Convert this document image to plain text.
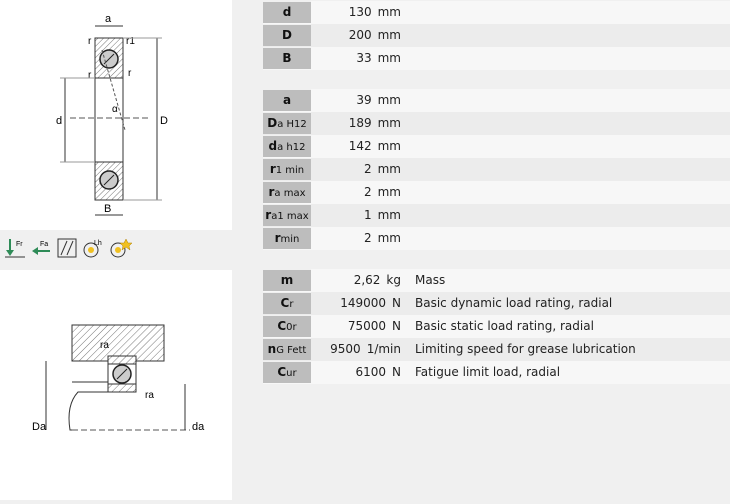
a
r	r1
r	r
α
d	D
B
Fr Fa	Lh
ra
ra
Da	da
d	130 mm
D	200 mm
B	33 mm
a	39 mm
Da H12	189 mm
da h12	142 mm
r1 min	2 mm
ra max	2 mm
ra1 max	1 mm
rmin	2 mm
m	2,62 kg Mass
Cr	149000 N Basic dynamic load rating, radial
C0r	75000 N Basic static load rating, radial
nG Fett	9500 1/min Limiting speed for grease lubrication
Cur	6100 N Fatigue limit load, radial
